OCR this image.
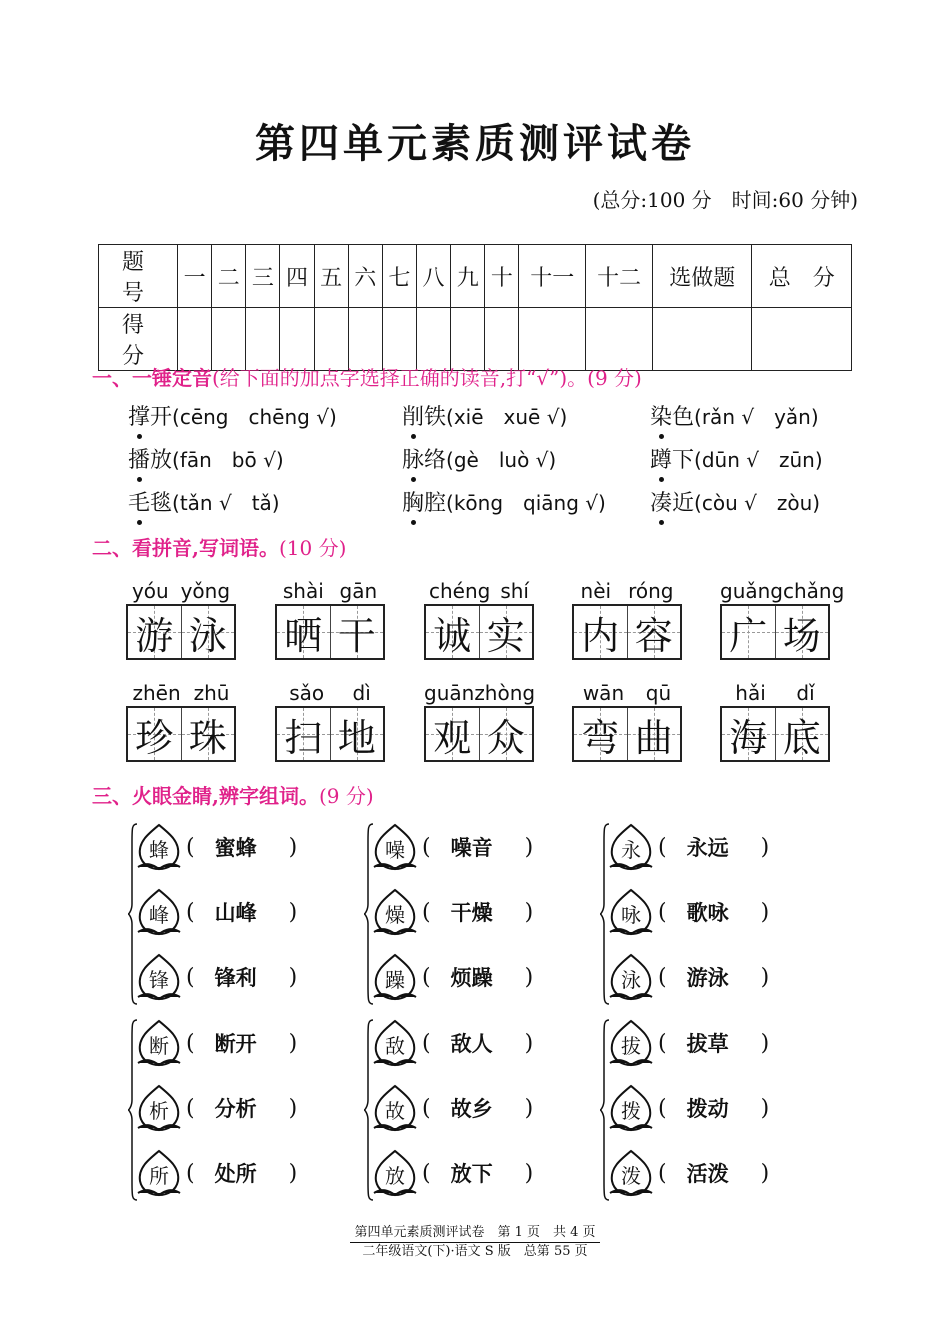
第四单元素质测评试卷
(总分:100 分　时间:60 分钟)
题　号	一	二	三	四	五	六	七	八	九	十	十一	十二	选做题	总　分
得　分														
一、一锤定音(给下面的加点字选择正确的读音,打“√”)。(9 分)
撑开(cēng　chēng √)	削铁(xiē　xuē √)	染色(rǎn √　yǎn)
播放(fān　bō √)	脉络(gè　luò √)	蹲下(dūn √　zūn)
毛毯(tǎn √　tǎ)	胸腔(kōng　qiāng √) 凑近(còu √　zòu)
二、看拼音,写词语。(10 分)
yóu yǒng
游 泳
shài gān
晒 干
chéng shí
诚 实
nèi róng
内 容
guǎng chǎng
广 场
zhēn zhū
珍 珠
sǎo dì
扫 地
guān zhòng
观 众
wān qū
弯 曲
hǎi dǐ
海 底
三、火眼金睛,辨字组词。(9 分)
蜂 ( 蜜蜂	)
峰 ( 山峰	)
锋 ( 锋利	)
噪 ( 噪音	)
燥 ( 干燥	)
躁 ( 烦躁	)
永 ( 永远	)
咏 ( 歌咏	)
泳 ( 游泳	)
断 ( 断开	)
析 ( 分析	)
所 ( 处所	)
敌 ( 敌人	)
故 ( 故乡	)
放 ( 放下	)
拔 ( 拔草	)
拨 ( 拨动	)
泼 ( 活泼	)
第四单元素质测评试卷　第 1 页　共 4 页
二年级语文(下)·语文 S 版　总第 55 页
